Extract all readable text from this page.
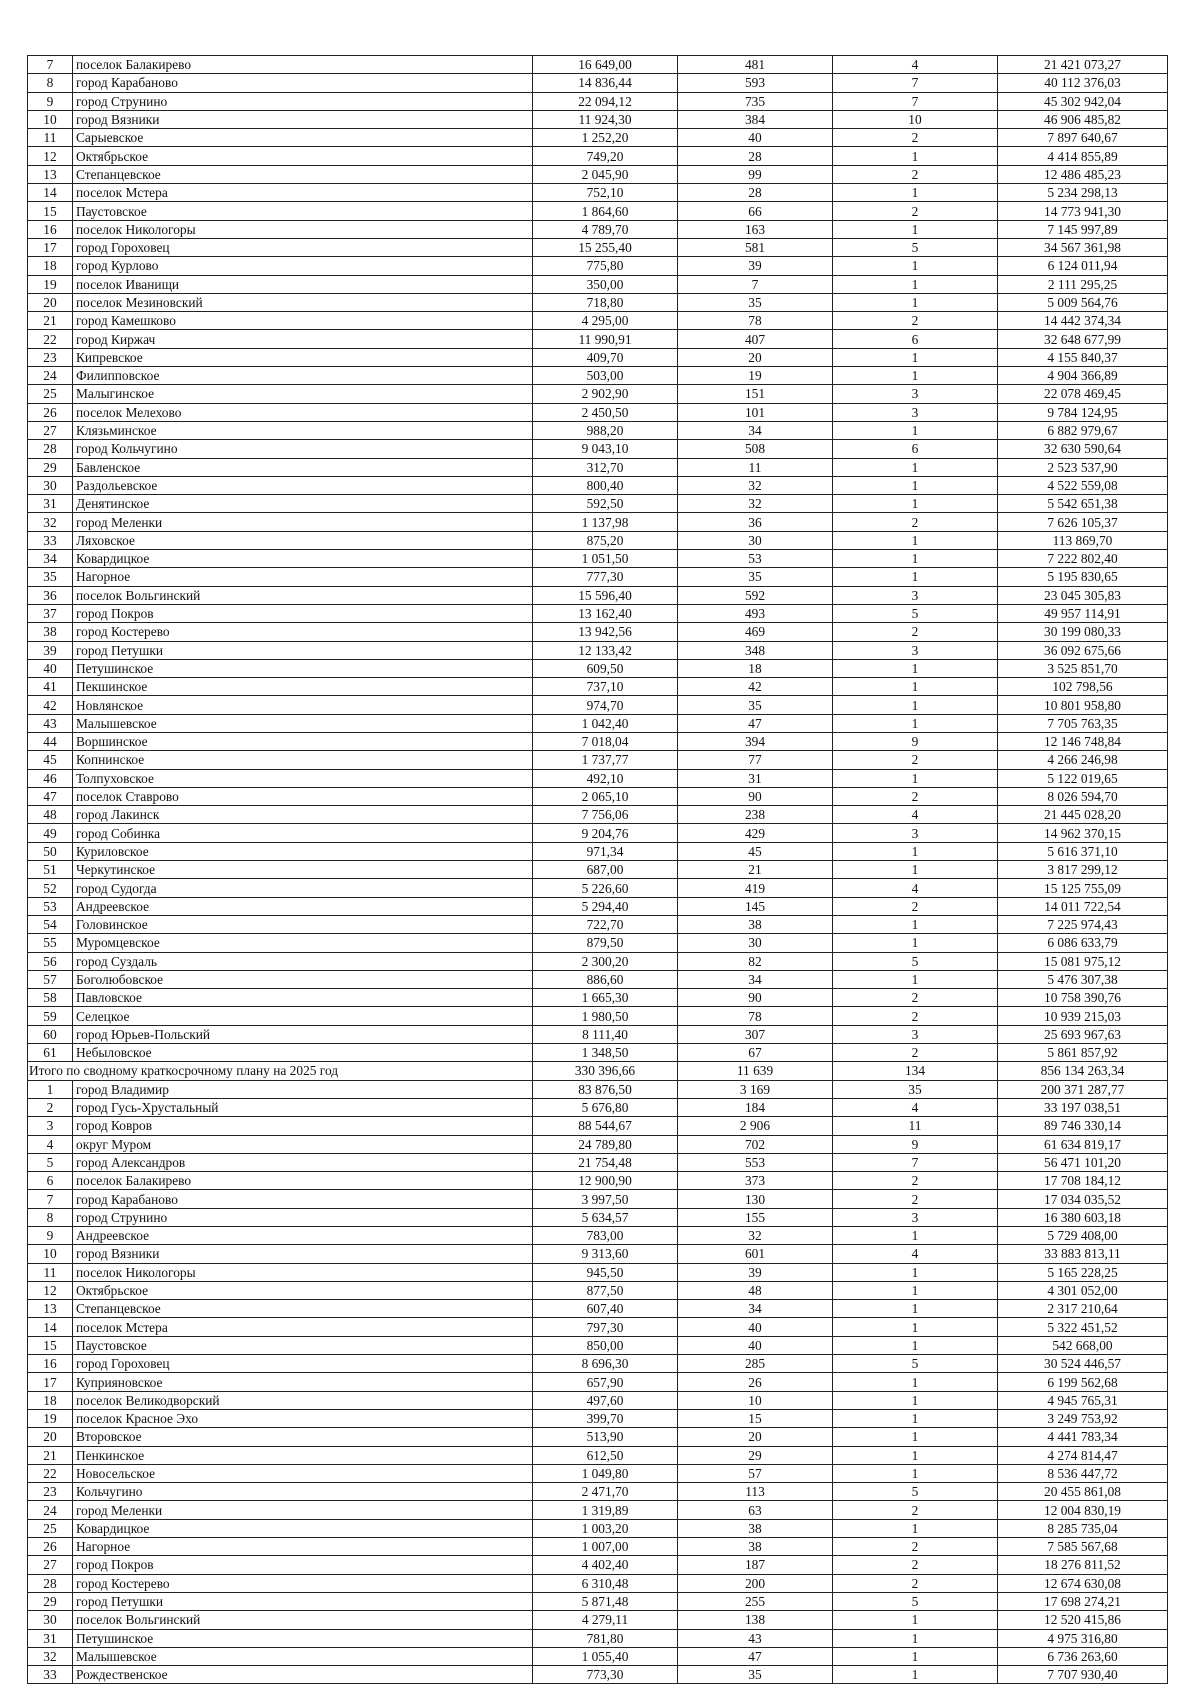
7	поселок Балакирево	16 649,00	481	4	21 421 073,27
8	город Карабаново	14 836,44	593	7	40 112 376,03
9	город Струнино	22 094,12	735	7	45 302 942,04
10	город Вязники	11 924,30	384	10	46 906 485,82
11	Сарыевское	1 252,20	40	2	7 897 640,67
12	Октябрьское	749,20	28	1	4 414 855,89
13	Степанцевское	2 045,90	99	2	12 486 485,23
14	поселок Мстера	752,10	28	1	5 234 298,13
15	Паустовское	1 864,60	66	2	14 773 941,30
16	поселок Никологоры	4 789,70	163	1	7 145 997,89
17	город Гороховец	15 255,40	581	5	34 567 361,98
18	город Курлово	775,80	39	1	6 124 011,94
19	поселок Иванищи	350,00	7	1	2 111 295,25
20	поселок Мезиновский	718,80	35	1	5 009 564,76
21	город Камешково	4 295,00	78	2	14 442 374,34
22	город Киржач	11 990,91	407	6	32 648 677,99
23	Кипревское	409,70	20	1	4 155 840,37
24	Филипповское	503,00	19	1	4 904 366,89
25	Малыгинское	2 902,90	151	3	22 078 469,45
26	поселок Мелехово	2 450,50	101	3	9 784 124,95
27	Клязьминское	988,20	34	1	6 882 979,67
28	город Кольчугино	9 043,10	508	6	32 630 590,64
29	Бавленское	312,70	11	1	2 523 537,90
30	Раздольевское	800,40	32	1	4 522 559,08
31	Денятинское	592,50	32	1	5 542 651,38
32	город Меленки	1 137,98	36	2	7 626 105,37
33	Ляховское	875,20	30	1	113 869,70
34	Ковардицкое	1 051,50	53	1	7 222 802,40
35	Нагорное	777,30	35	1	5 195 830,65
36	поселок Вольгинский	15 596,40	592	3	23 045 305,83
37	город Покров	13 162,40	493	5	49 957 114,91
38	город Костерево	13 942,56	469	2	30 199 080,33
39	город Петушки	12 133,42	348	3	36 092 675,66
40	Петушинское	609,50	18	1	3 525 851,70
41	Пекшинское	737,10	42	1	102 798,56
42	Новлянское	974,70	35	1	10 801 958,80
43	Малышевское	1 042,40	47	1	7 705 763,35
44	Воршинское	7 018,04	394	9	12 146 748,84
45	Копнинское	1 737,77	77	2	4 266 246,98
46	Толпуховское	492,10	31	1	5 122 019,65
47	поселок Ставрово	2 065,10	90	2	8 026 594,70
48	город Лакинск	7 756,06	238	4	21 445 028,20
49	город Собинка	9 204,76	429	3	14 962 370,15
50	Куриловское	971,34	45	1	5 616 371,10
51	Черкутинское	687,00	21	1	3 817 299,12
52	город Судогда	5 226,60	419	4	15 125 755,09
53	Андреевское	5 294,40	145	2	14 011 722,54
54	Головинское	722,70	38	1	7 225 974,43
55	Муромцевское	879,50	30	1	6 086 633,79
56	город Суздаль	2 300,20	82	5	15 081 975,12
57	Боголюбовское	886,60	34	1	5 476 307,38
58	Павловское	1 665,30	90	2	10 758 390,76
59	Селецкое	1 980,50	78	2	10 939 215,03
60	город Юрьев-Польский	8 111,40	307	3	25 693 967,63
61	Небыловское	1 348,50	67	2	5 861 857,92
Итого по сводному краткосрочному плану на 2025 год		330 396,66	11 639	134	856 134 263,34
1	город Владимир	83 876,50	3 169	35	200 371 287,77
2	город Гусь-Хрустальный	5 676,80	184	4	33 197 038,51
3	город Ковров	88 544,67	2 906	11	89 746 330,14
4	округ Муром	24 789,80	702	9	61 634 819,17
5	город Александров	21 754,48	553	7	56 471 101,20
6	поселок Балакирево	12 900,90	373	2	17 708 184,12
7	город Карабаново	3 997,50	130	2	17 034 035,52
8	город Струнино	5 634,57	155	3	16 380 603,18
9	Андреевское	783,00	32	1	5 729 408,00
10	город Вязники	9 313,60	601	4	33 883 813,11
11	поселок Никологоры	945,50	39	1	5 165 228,25
12	Октябрьское	877,50	48	1	4 301 052,00
13	Степанцевское	607,40	34	1	2 317 210,64
14	поселок Мстера	797,30	40	1	5 322 451,52
15	Паустовское	850,00	40	1	542 668,00
16	город Гороховец	8 696,30	285	5	30 524 446,57
17	Куприяновское	657,90	26	1	6 199 562,68
18	поселок Великодворский	497,60	10	1	4 945 765,31
19	поселок Красное Эхо	399,70	15	1	3 249 753,92
20	Второвское	513,90	20	1	4 441 783,34
21	Пенкинское	612,50	29	1	4 274 814,47
22	Новосельское	1 049,80	57	1	8 536 447,72
23	Кольчугино	2 471,70	113	5	20 455 861,08
24	город Меленки	1 319,89	63	2	12 004 830,19
25	Ковардицкое	1 003,20	38	1	8 285 735,04
26	Нагорное	1 007,00	38	2	7 585 567,68
27	город Покров	4 402,40	187	2	18 276 811,52
28	город Костерево	6 310,48	200	2	12 674 630,08
29	город Петушки	5 871,48	255	5	17 698 274,21
30	поселок Вольгинский	4 279,11	138	1	12 520 415,86
31	Петушинское	781,80	43	1	4 975 316,80
32	Малышевское	1 055,40	47	1	6 736 263,60
33	Рождественское	773,30	35	1	7 707 930,40
